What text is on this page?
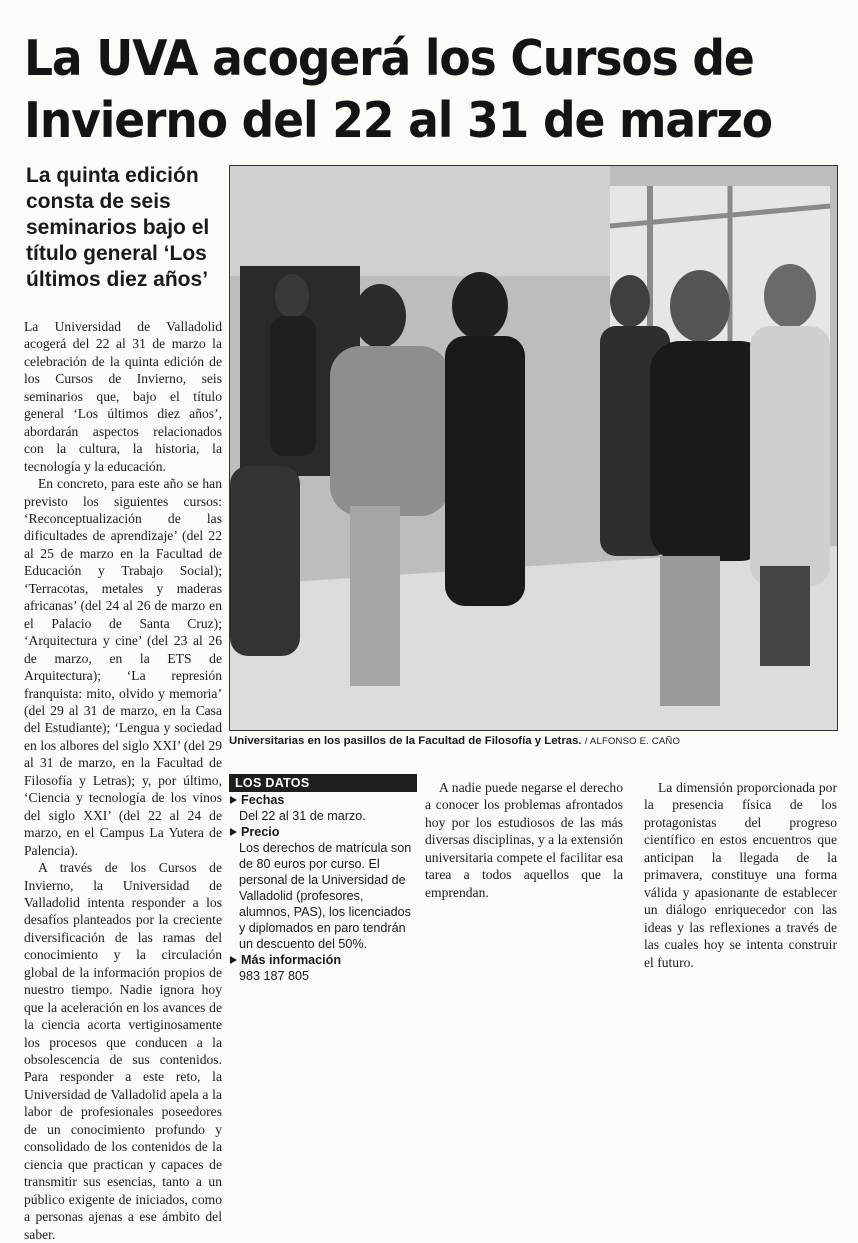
La UVA acogerá los Cursos de
Invierno del 22 al 31 de marzo
La quinta edición
consta de seis
seminarios bajo el
título general ‘Los
últimos diez años’
Universitarias en los pasillos de la Facultad de Filosofía y Letras. / ALFONSO E. CAÑO

La Universidad de Valladolid acogerá del 22 al 31 de marzo la celebración de la quinta edición de los Cursos de Invierno, seis seminarios que, bajo el título general ‘Los últimos diez años’, abordarán aspectos relacionados con la cultura, la historia, la tecnología y la educación.

En concreto, para este año se han previsto los siguientes cursos: ‘Reconceptualización de las dificultades de aprendizaje’ (del 22 al 25 de marzo en la Facultad de Educación y Trabajo Social); ‘Terracotas, metales y maderas africanas’ (del 24 al 26 de marzo en el Palacio de Santa Cruz); ‘Arquitectura y cine’ (del 23 al 26 de marzo, en la ETS de Arquitectura); ‘La represión franquista: mito, olvido y memoria’ (del 29 al 31 de marzo, en la Casa del Estudiante); ‘Lengua y sociedad en los albores del siglo XXI’ (del 29 al 31 de marzo, en la Facultad de Filosofía y Letras); y, por último, ‘Ciencia y tecnología de los vinos del siglo XXI’ (del 22 al 24 de marzo, en el Campus La Yutera de Palencia).

A través de los Cursos de Invierno, la Universidad de Valladolid intenta responder a los desafíos planteados por la creciente diversificación de las ramas del conocimiento y la circulación global de la información propios de nuestro tiempo. Nadie ignora hoy que la aceleración en los avances de la ciencia acorta vertiginosamente los procesos que conducen a la obsolescencia de sus contenidos. Para responder a este reto, la Universidad de Valladolid apela a la labor de profesionales poseedores de un conocimiento profundo y consolidado de los contenidos de la ciencia que practican y capaces de transmitir sus esencias, tanto a un público exigente de iniciados, como a personas ajenas a ese ámbito del saber.

LOS DATOS
Fechas
Del 22 al 31 de marzo.
Precio
Los derechos de matrícula son de 80 euros por curso. El personal de la Universidad de Valladolid (profesores, alumnos, PAS), los licenciados y diplomados en paro tendrán un descuento del 50%.
Más información
983 187 805

A nadie puede negarse el derecho a conocer los problemas afrontados hoy por los estudiosos de las más diversas disciplinas, y a la extensión universitaria compete el facilitar esa tarea a todos aquellos que la emprendan.

La dimensión proporcionada por la presencia física de los protagonistas del progreso científico en estos encuentros que anticipan la llegada de la primavera, constituye una forma válida y apasionante de establecer un diálogo enriquecedor con las ideas y las reflexiones a través de las cuales hoy se intenta construir el futuro.
